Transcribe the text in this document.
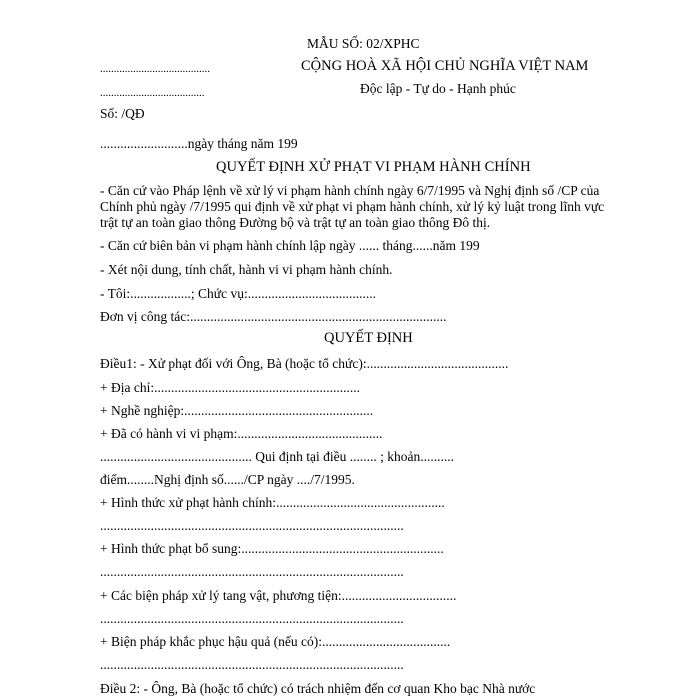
MẪU SỐ: 02/XPHC
........................................	CỘNG HOÀ XÃ HỘI CHỦ NGHĨA VIỆT NAM
......................................	Độc lập - Tự do - Hạnh phúc
Số: /QĐ
..........................ngày tháng năm 199
QUYẾT ĐỊNH XỬ PHẠT VI PHẠM HÀNH CHÍNH
- Căn cứ vào Pháp lệnh về xử lý vi phạm hành chính ngày 6/7/1995 và Nghị định số /CP của
Chính phủ ngày /7/1995 qui định về xử phạt vi phạm hành chính, xử lý kỷ luật trong lĩnh vực
trật tự an toàn giao thông Đường bộ và trật tự an toàn giao thông Đô thị.
- Căn cứ biên bản vi phạm hành chính lập ngày ...... tháng......năm 199
- Xét nội dung, tính chất, hành vi vi phạm hành chính.
- Tôi:..................; Chức vụ:......................................
Đơn vị công tác:............................................................................
QUYẾT ĐỊNH
Điều1: - Xử phạt đối với Ông, Bà (hoặc tổ chức):..........................................
+ Địa chỉ:.............................................................
+ Nghề nghiệp:........................................................
+ Đã có hành vi vi phạm:...........................................
............................................. Qui định tại điều ........ ; khoản..........
điểm........Nghị định số....../CP ngày ..../7/1995.
+ Hình thức xử phạt hành chính:..................................................
..........................................................................................
+ Hình thức phạt bổ sung:............................................................
..........................................................................................
+ Các biện pháp xử lý tang vật, phương tiện:..................................
..........................................................................................
+ Biện pháp khắc phục hậu quả (nếu có):......................................
..........................................................................................
Điều 2: - Ông, Bà (hoặc tổ chức) có trách nhiệm đến cơ quan Kho bạc Nhà nước
